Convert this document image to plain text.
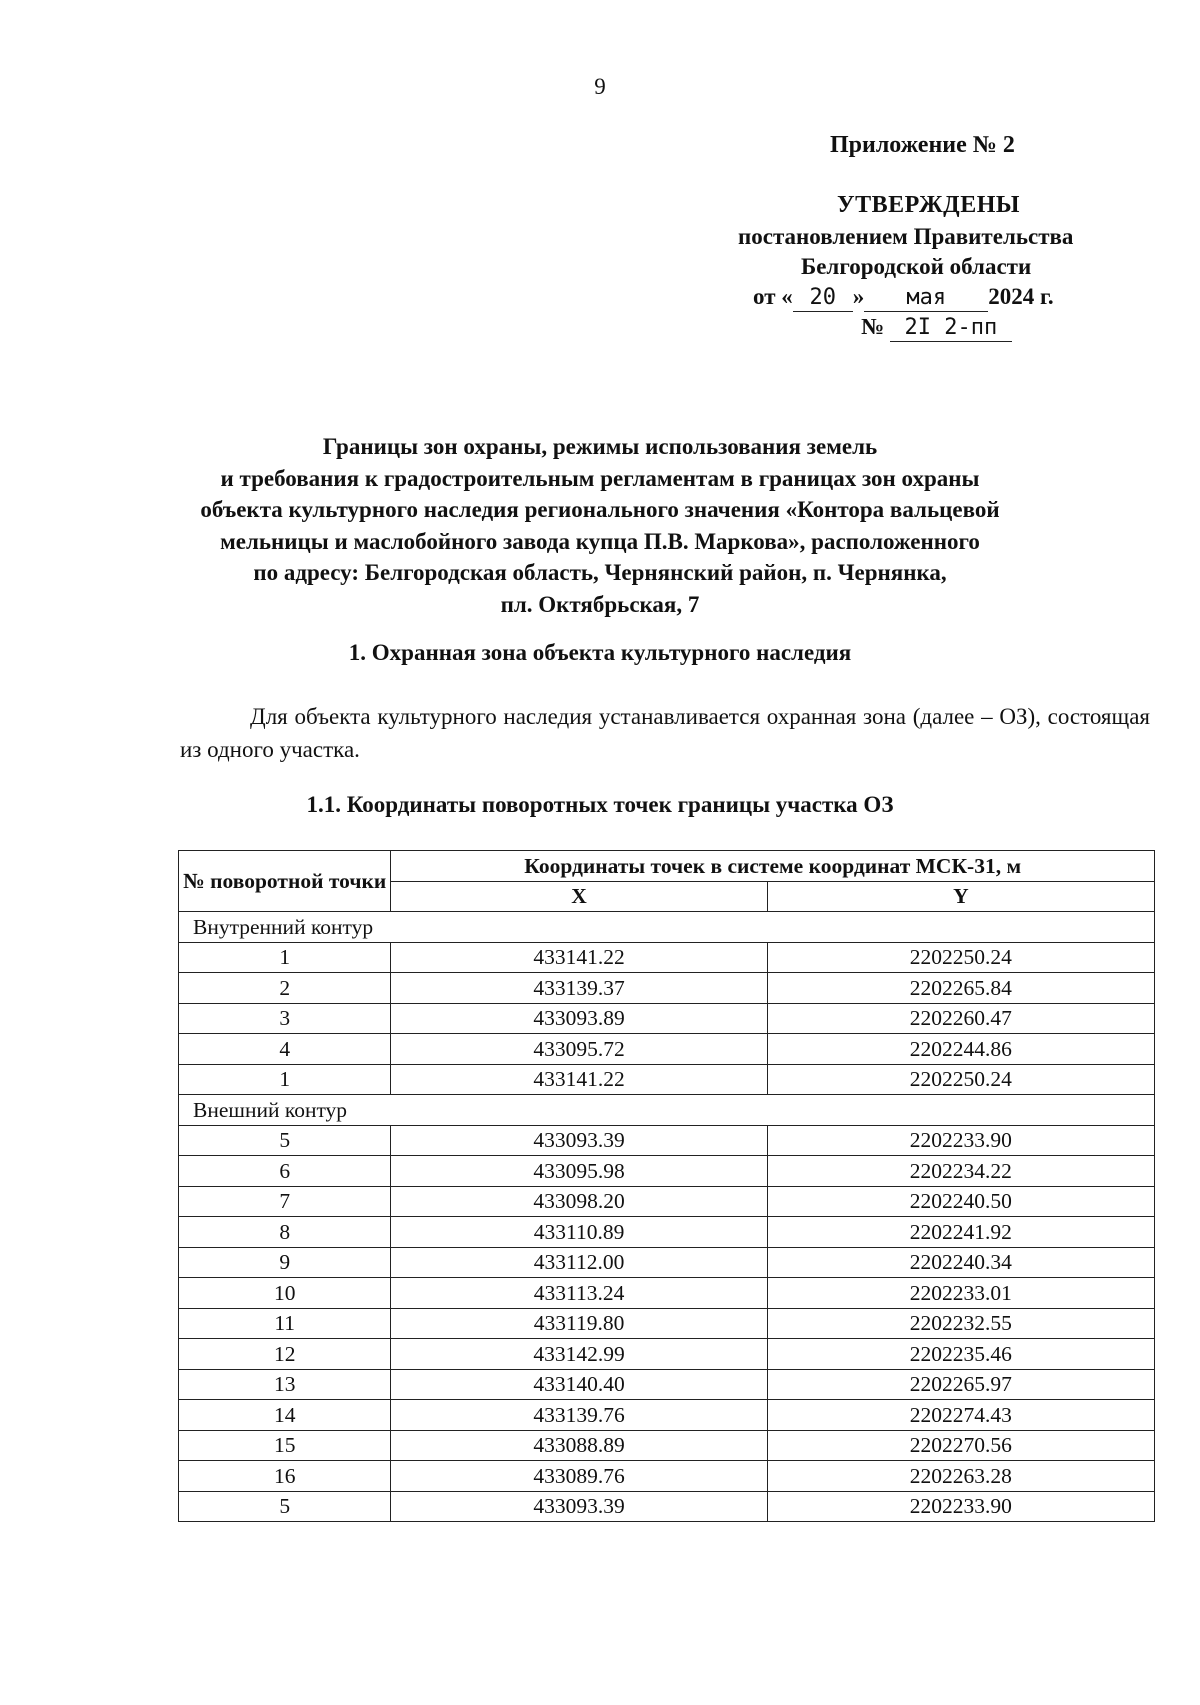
9
Приложение № 2
УТВЕРЖДЕНЫ
постановлением Правительства
Белгородской области
от « 20 » мая 2024 г.
№ 2I 2-пп
Границы зон охраны, режимы использования земель
и требования к градостроительным регламентам в границах зон охраны
объекта культурного наследия регионального значения «Контора вальцевой
мельницы и маслобойного завода купца П.В. Маркова», расположенного
по адресу: Белгородская область, Чернянский район, п. Чернянка,
пл. Октябрьская, 7
1. Охранная зона объекта культурного наследия
Для объекта культурного наследия устанавливается охранная зона (далее – ОЗ), состоящая из одного участка.
1.1. Координаты поворотных точек границы участка ОЗ
№ поворотной точки	Координаты точек в системе координат МСК-31, м	
	X	Y
Внутренний контур		
1	433141.22	2202250.24
2	433139.37	2202265.84
3	433093.89	2202260.47
4	433095.72	2202244.86
1	433141.22	2202250.24
Внешний контур		
5	433093.39	2202233.90
6	433095.98	2202234.22
7	433098.20	2202240.50
8	433110.89	2202241.92
9	433112.00	2202240.34
10	433113.24	2202233.01
11	433119.80	2202232.55
12	433142.99	2202235.46
13	433140.40	2202265.97
14	433139.76	2202274.43
15	433088.89	2202270.56
16	433089.76	2202263.28
5	433093.39	2202233.90
